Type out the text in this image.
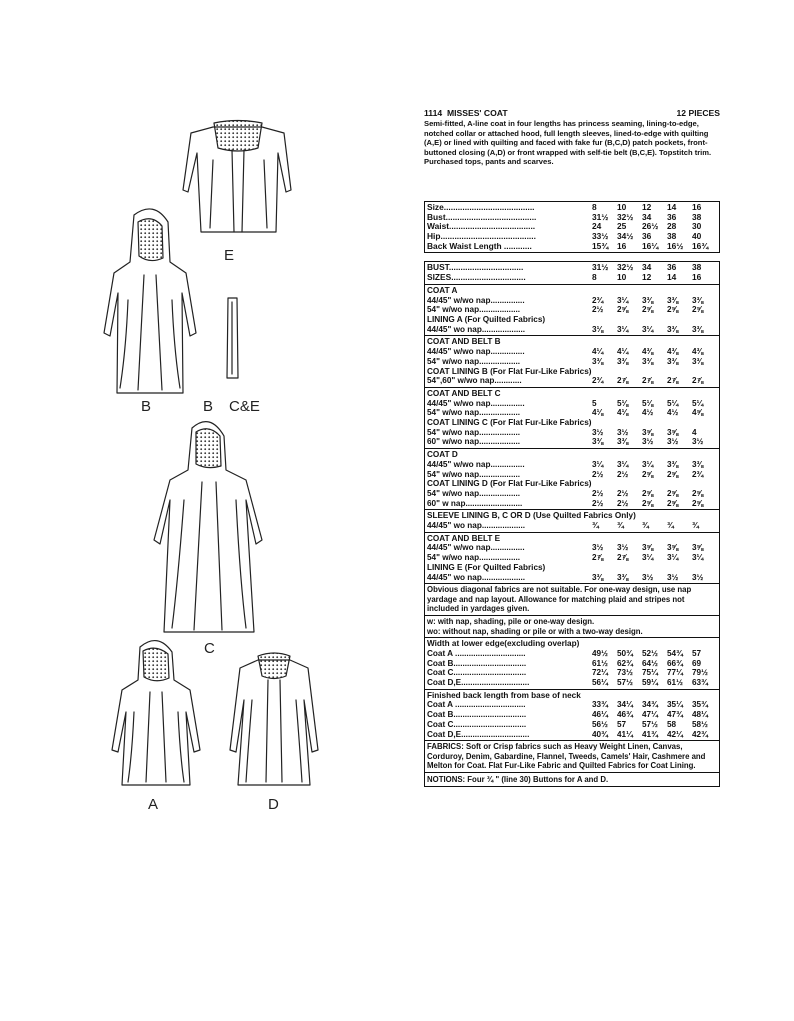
E
B	B C&E
C
A	D
1114 MISSES' COAT	12 PIECES
Semi-fitted, A-line coat in four lengths has princess seaming, lining-to-edge, notched collar or attached hood, full length sleeves, lined-to-edge with quilting (A,E) or lined with quilting and faced with fake fur (B,C,D) patch pockets, front-buttoned closing (A,D) or front wrapped with self-tie belt (B,C,E). Topstitch trim. Purchased tops, pants and scarves.
Size.......................................	8	10	12	14	16
Bust.......................................	31½	32½	34	36	38
Waist.....................................	24	25	26½	28	30
Hip.........................................	33½	34½	36	38	40
Back Waist Length ............	15¾	16	16¼	16½	16¾
BUST................................	31½	32½	34	36	38
SIZES................................	8	10	12	14	16
COAT A
44/45" w/wo nap...............	2¾	3¼	3⅜	3⅜	3⅜
54" w/wo nap..................	2½	2⅝	2⅝	2⅝	2⅝
LINING A (For Quilted Fabrics)
44/45" wo nap...................	3⅛	3¼	3¼	3⅜	3⅜
COAT AND BELT B
44/45" w/wo nap...............	4¼	4¼	4⅜	4⅜	4⅜
54" w/wo nap..................	3⅜	3⅜	3⅜	3⅜	3⅜
COAT LINING B (For Flat Fur-Like Fabrics)
54",60" w/wo nap............	2¾	2⅞	2⅞	2⅞	2⅞
COAT AND BELT C
44/45" w/wo nap...............	5	5⅛	5⅛	5¼	5¼
54" w/wo nap..................	4⅛	4⅛	4½	4½	4⅝
COAT LINING C (For Flat Fur-Like Fabrics)
54" w/wo nap..................	3½	3½	3⅝	3⅝	4
60" w/wo nap..................	3⅜	3⅜	3½	3½	3½
COAT D
44/45" w/wo nap...............	3¼	3¼	3¼	3⅜	3⅜
54" w/wo nap..................	2½	2½	2⅝	2⅝	2¾
COAT LINING D (For Flat Fur-Like Fabrics)
54" w/wo nap..................	2½	2½	2⅝	2⅝	2⅝
60" w nap.........................	2½	2½	2⅝	2⅝	2⅝
SLEEVE LINING B, C OR D (Use Quilted Fabrics Only)
44/45" wo nap...................	¾	¾	¾	¾	¾
COAT AND BELT E
44/45" w/wo nap...............	3½	3½	3⅝	3⅝	3⅝
54" w/wo nap..................	2⅞	2⅞	3¼	3¼	3¼
LINING E (For Quilted Fabrics)
44/45" wo nap...................	3⅜	3⅜	3½	3½	3½
Obvious diagonal fabrics are not suitable. For one-way design, use nap yardage and nap layout. Allowance for matching plaid and stripes not included in yardages given.
w: with nap, shading, pile or one-way design.
wo: without nap, shading or pile or with a two-way design.
Width at lower edge(excluding overlap)
Coat A ...............................	49½	50¾	52½	54¾	57
Coat B................................	61½	62¾	64½	66¾	69
Coat C................................	72¼	73½	75¼	77¼	79½
Coat D,E..............................	56¼	57½	59¼	61½	63¾
Finished back length from base of neck
Coat A ...............................	33¾	34¼	34¾	35¼	35¾
Coat B................................	46¼	46¾	47¼	47¾	48¼
Coat C................................	56½	57	57½	58	58½
Coat D,E..............................	40¾	41¼	41¾	42¼	42¾
FABRICS: Soft or Crisp fabrics such as Heavy Weight Linen, Canvas, Corduroy, Denim, Gabardine, Flannel, Tweeds, Camels' Hair, Cashmere and Melton for Coat. Flat Fur-Like Fabric and Quilted Fabrics for Coat Lining.
NOTIONS: Four ¾ " (line 30) Buttons for A and D.
